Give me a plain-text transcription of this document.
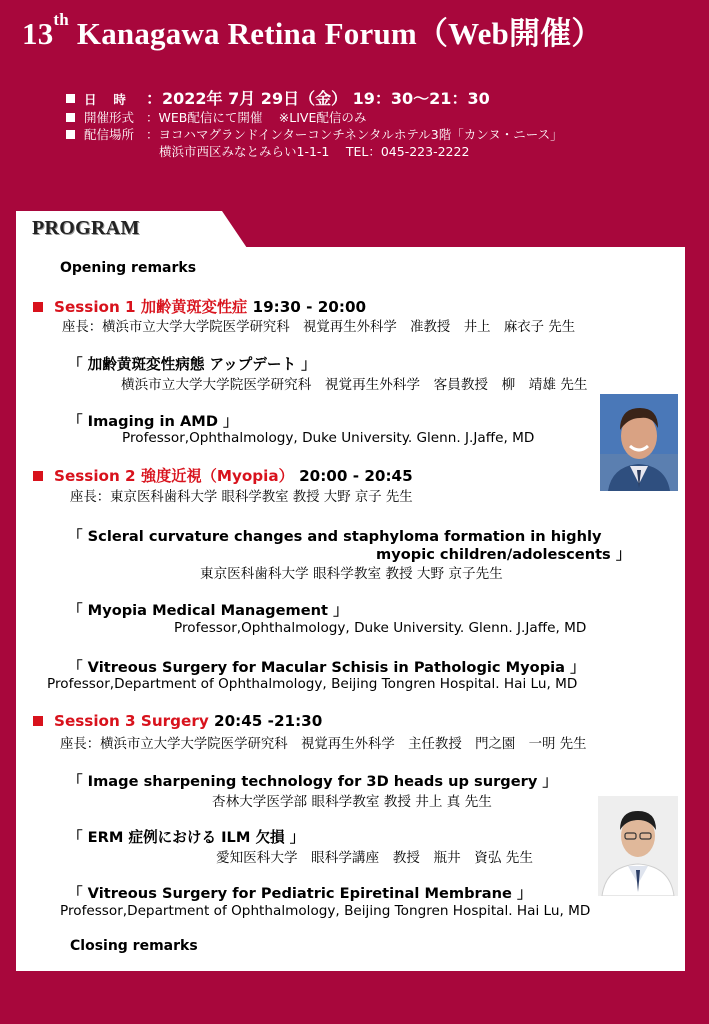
13th Kanagawa Retina Forum（Web開催）
日　 時 ：2022年 7月 29日（金） 19：30〜21：30
開催形式 ：WEB配信にて開催　 ※LIVE配信のみ
配信場所 ：ヨコハマグランドインターコンチネンタルホテル3階「カンヌ・ニース」
横浜市西区みなとみらい1-1-1　 TEL：045-223-2222
PROGRAM
Opening remarks
Session 1 加齢黄斑変性症 19:30 - 20:00
座長：横浜市立大学大学院医学研究科　視覚再生外科学　准教授　井上　麻衣子 先生
「 加齢黄斑変性病態 アップデート 」
横浜市立大学大学院医学研究科　視覚再生外科学　客員教授　柳　靖雄 先生
「 Imaging in AMD 」
Professor,Ophthalmology, Duke University. Glenn. J.Jaffe, MD
Session 2 強度近視（Myopia） 20:00 - 20:45
座長：東京医科歯科大学 眼科学教室 教授 大野 京子 先生
「 Scleral curvature changes and staphyloma formation in highly
myopic children/adolescents 」
東京医科歯科大学 眼科学教室 教授 大野 京子先生
「 Myopia Medical Management 」
Professor,Ophthalmology, Duke University. Glenn. J.Jaffe, MD
「 Vitreous Surgery for Macular Schisis in Pathologic Myopia 」
Professor,Department of Ophthalmology, Beijing Tongren Hospital. Hai Lu, MD
Session 3 Surgery 20:45 -21:30
座長：横浜市立大学大学院医学研究科　視覚再生外科学　主任教授　門之園　一明 先生
「 Image sharpening technology for 3D heads up surgery 」
杏林大学医学部 眼科学教室 教授 井上 真 先生
「 ERM 症例における ILM 欠損 」
愛知医科大学　眼科学講座　教授　瓶井　資弘 先生
「 Vitreous Surgery for Pediatric Epiretinal Membrane 」
Professor,Department of Ophthalmology, Beijing Tongren Hospital. Hai Lu, MD
Closing remarks
